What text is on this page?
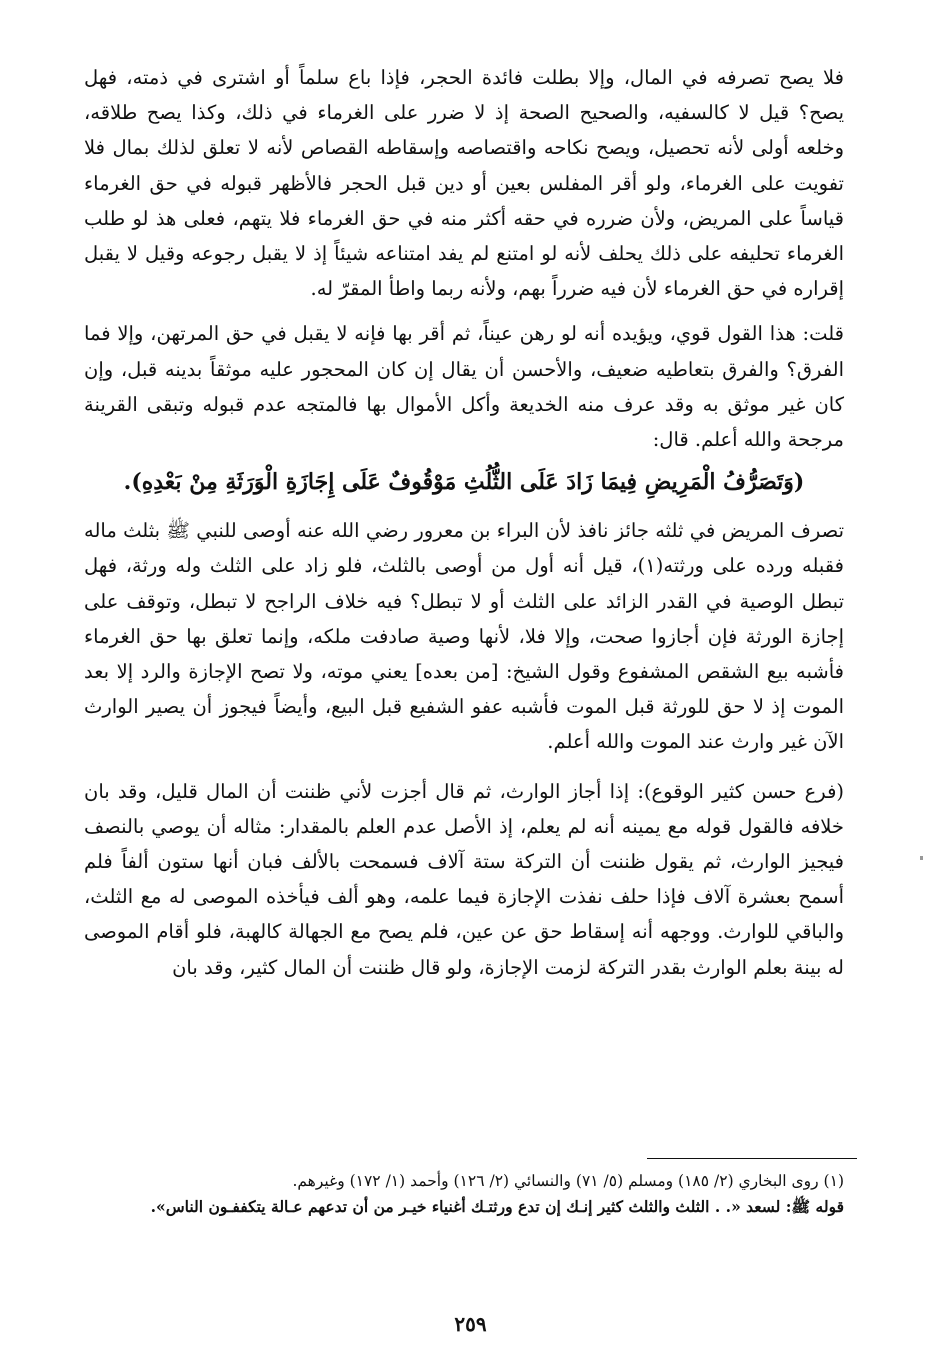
فلا يصح تصرفه في المال، وإلا بطلت فائدة الحجر، فإذا باع سلماً أو اشترى في ذمته، فهل يصح؟ قيل لا كالسفيه، والصحيح الصحة إذ لا ضرر على الغرماء في ذلك، وكذا يصح طلاقه، وخلعه أولى لأنه تحصيل، ويصح نكاحه واقتصاصه وإسقاطه القصاص لأنه لا تعلق لذلك بمال فلا تفويت على الغرماء، ولو أقر المفلس بعين أو دين قبل الحجر فالأظهر قبوله في حق الغرماء قياساً على المريض، ولأن ضرره في حقه أكثر منه في حق الغرماء فلا يتهم، فعلى هذ لو طلب الغرماء تحليفه على ذلك يحلف لأنه لو امتنع لم يفد امتناعه شيئاً إذ لا يقبل رجوعه وقيل لا يقبل إقراره في حق الغرماء لأن فيه ضرراً بهم، ولأنه ربما واطأ المقرّ له.

قلت: هذا القول قوي، ويؤيده أنه لو رهن عيناً، ثم أقر بها فإنه لا يقبل في حق المرتهن، وإلا فما الفرق؟ والفرق بتعاطيه ضعيف، والأحسن أن يقال إن كان المحجور عليه موثقاً بدينه قبل، وإن كان غير موثق به وقد عرف منه الخديعة وأكل الأموال بها فالمتجه عدم قبوله وتبقى القرينة مرجحة والله أعلم. قال:

(وَتَصَرُّفُ الْمَرِيضِ فِيمَا زَادَ عَلَى الثُّلُثِ مَوْقُوفٌ عَلَى إِجَازَةِ الْوَرَثَةِ مِنْ بَعْدِهِ).

تصرف المريض في ثلثه جائز نافذ لأن البراء بن معرور رضي الله عنه أوصى للنبي ﷺ بثلث ماله فقبله ورده على ورثته(١)، قيل أنه أول من أوصى بالثلث، فلو زاد على الثلث وله ورثة، فهل تبطل الوصية في القدر الزائد على الثلث أو لا تبطل؟ فيه خلاف الراجح لا تبطل، وتوقف على إجازة الورثة فإن أجازوا صحت، وإلا فلا، لأنها وصية صادفت ملكه، وإنما تعلق بها حق الغرماء فأشبه بيع الشقص المشفوع وقول الشيخ: [من بعده] يعني موته، ولا تصح الإجازة والرد إلا بعد الموت إذ لا حق للورثة قبل الموت فأشبه عفو الشفيع قبل البيع، وأيضاً فيجوز أن يصير الوارث الآن غير وارث عند الموت والله أعلم.

(فرع حسن كثير الوقوع): إذا أجاز الوارث، ثم قال أجزت لأني ظننت أن المال قليل، وقد بان خلافه فالقول قوله مع يمينه أنه لم يعلم، إذ الأصل عدم العلم بالمقدار: مثاله أن يوصي بالنصف فيجيز الوارث، ثم يقول ظننت أن التركة ستة آلاف فسمحت بالألف فبان أنها ستون ألفاً فلم أسمح بعشرة آلاف فإذا حلف نفذت الإجازة فيما علمه، وهو ألف فيأخذه الموصى له مع الثلث، والباقي للوارث. ووجهه أنه إسقاط حق عن عين، فلم يصح مع الجهالة كالهبة، فلو أقام الموصى له بينة بعلم الوارث بقدر التركة لزمت الإجازة، ولو قال ظننت أن المال كثير، وقد بان

(١) روى البخاري (٢/ ١٨٥) ومسلم (٥/ ٧١) والنسائي (٢/ ١٢٦) وأحمد (١/ ١٧٢) وغيرهم.

قوله ﷺ: لسعد «. . الثلث والثلث كثير إنـك إن تدع ورثتـك أغنياء خيـر من أن تدعهم عـالة يتكففـون الناس».

٢٥٩
